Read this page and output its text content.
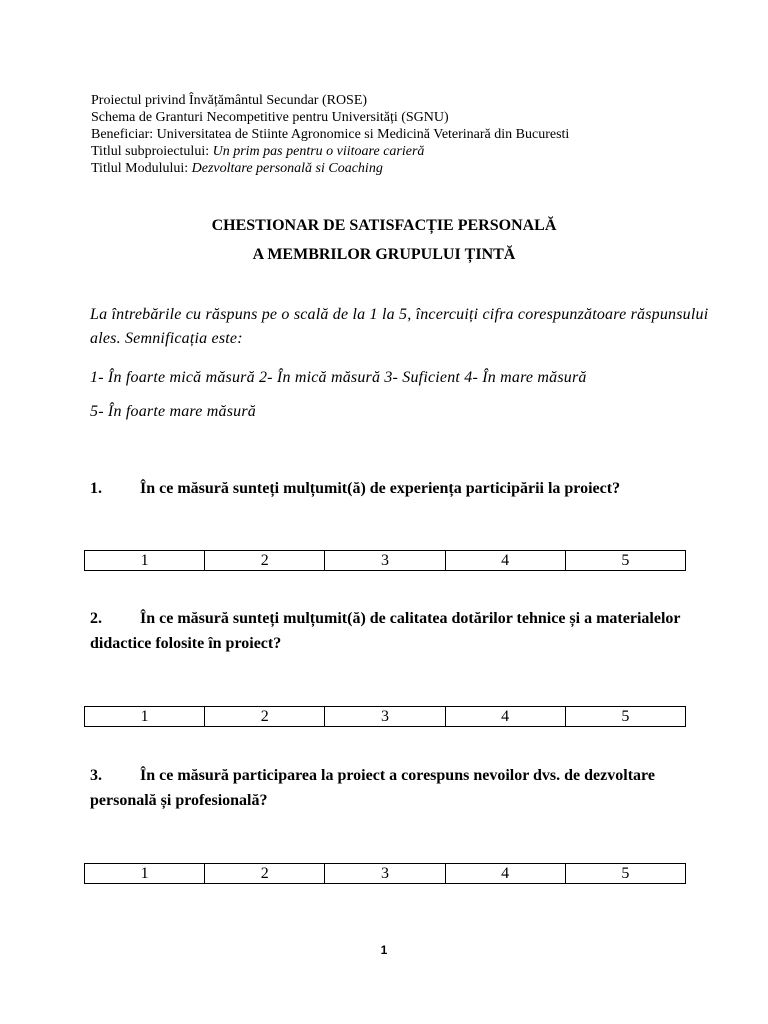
Proiectul privind Învățământul Secundar (ROSE)
Schema de Granturi Necompetitive pentru Universități (SGNU)
Beneficiar: Universitatea de Stiinte Agronomice si Medicină Veterinară din Bucuresti
Titlul subproiectului: Un prim pas pentru o viitoare carieră
Titlul Modulului: Dezvoltare personală si Coaching
CHESTIONAR DE SATISFACȚIE PERSONALĂ
A MEMBRILOR GRUPULUI ȚINTĂ
La întrebările cu răspuns pe o scală de la 1 la 5, încercuiți cifra corespunzătoare răspunsului ales. Semnificația este:
1- În foarte mică măsură 2- În mică măsură 3- Suficient 4- În mare măsură
5- În foarte mare măsură
1. În ce măsură sunteți mulțumit(ă) de experiența participării la proiect?
1	2	3	4	5
2. În ce măsură sunteți mulțumit(ă) de calitatea dotărilor tehnice și a materialelor didactice folosite în proiect?
1	2	3	4	5
3. În ce măsură participarea la proiect a corespuns nevoilor dvs. de dezvoltare personală și profesională?
1	2	3	4	5
1
